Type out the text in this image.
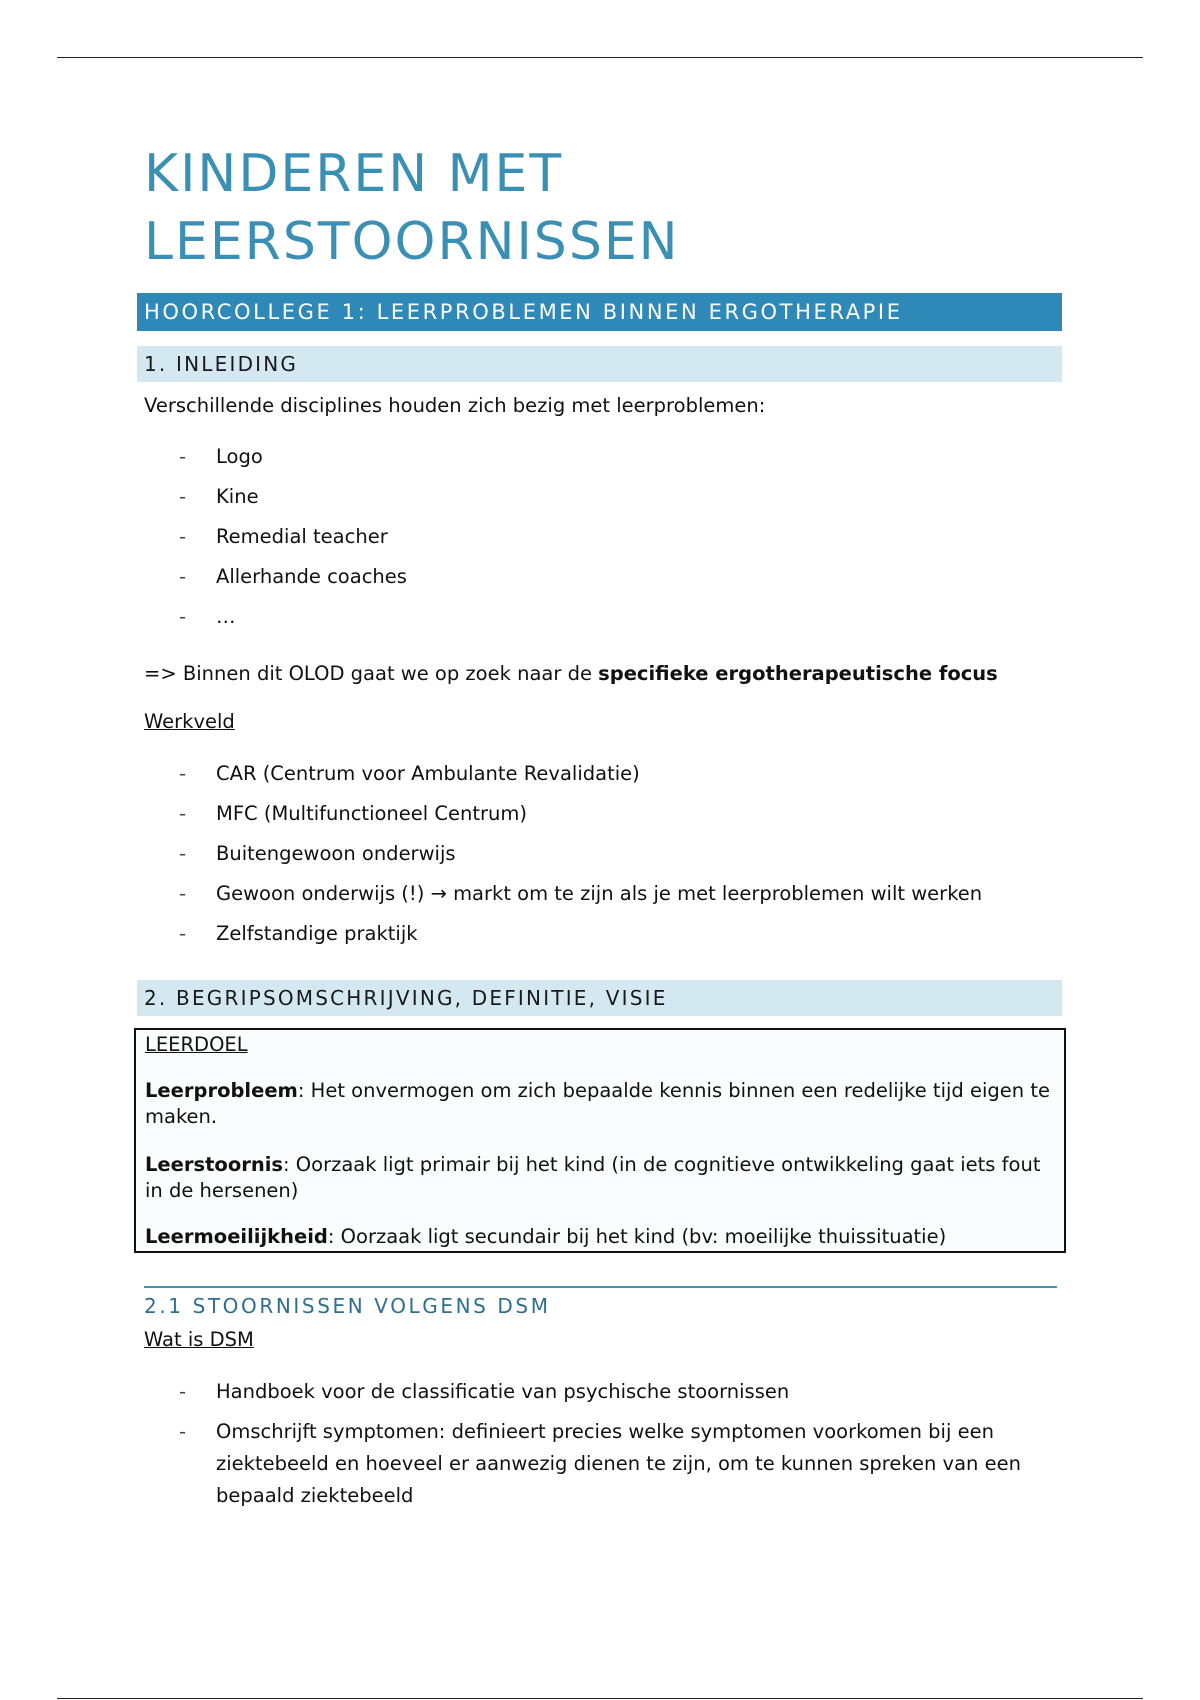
KINDEREN MET
LEERSTOORNISSEN
HOORCOLLEGE 1: LEERPROBLEMEN BINNEN ERGOTHERAPIE
1. INLEIDING
Verschillende disciplines houden zich bezig met leerproblemen:
- Logo
- Kine
- Remedial teacher
- Allerhande coaches
- …
=> Binnen dit OLOD gaat we op zoek naar de specifieke ergotherapeutische focus
Werkveld
- CAR (Centrum voor Ambulante Revalidatie)
- MFC (Multifunctioneel Centrum)
- Buitengewoon onderwijs
- Gewoon onderwijs (!) → markt om te zijn als je met leerproblemen wilt werken
- Zelfstandige praktijk
2. BEGRIPSOMSCHRIJVING, DEFINITIE, VISIE
LEERDOEL
Leerprobleem: Het onvermogen om zich bepaalde kennis binnen een redelijke tijd eigen te maken.
Leerstoornis: Oorzaak ligt primair bij het kind (in de cognitieve ontwikkeling gaat iets fout in de hersenen)
Leermoeilijkheid: Oorzaak ligt secundair bij het kind (bv: moeilijke thuissituatie)
2.1 STOORNISSEN VOLGENS DSM
Wat is DSM
- Handboek voor de classificatie van psychische stoornissen
- Omschrijft symptomen: definieert precies welke symptomen voorkomen bij een ziektebeeld en hoeveel er aanwezig dienen te zijn, om te kunnen spreken van een bepaald ziektebeeld
